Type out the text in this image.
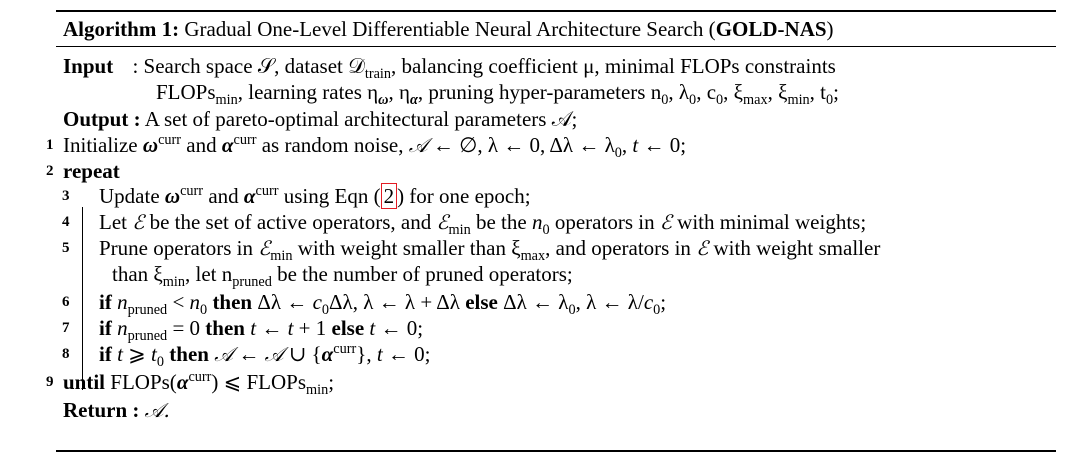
Algorithm 1: Gradual One-Level Differentiable Neural Architecture Search (GOLD-NAS)
Input : Search space 𝒮, dataset 𝒟$_{train}$, balancing coefficient μ, minimal FLOPs constraints
FLOPs$_{min}$, learning rates $\eta_\omega$, $\eta_\alpha$, pruning hyper-parameters $n_0$, $\lambda_0$, $c_0$, $\xi_{max}$, $\xi_{min}$, $t_0$;
Output : A set of pareto-optimal architectural parameters 𝒜;
1
2
3
4
5
6
7
8
9
Initialize $\omega^{curr}$ and $\alpha^{curr}$ as random noise, 𝒜 ← ∅, λ ← 0, Δλ ← $\lambda_0$, t ← 0;
repeat
Update $\omega^{curr}$ and $\alpha^{curr}$ using Eqn ( 2 ) for one epoch;
Let ℰ be the set of active operators, and ℰ$_{min}$ be the $n_0$ operators in ℰ with minimal weights;
Prune operators in ℰ$_{min}$ with weight smaller than $\xi_{max}$, and operators in ℰ with weight smaller
than $\xi_{min}$, let $n_{pruned}$ be the number of pruned operators;
if $n_{pruned} < n_0$ then Δλ ← $c_0\Delta\lambda$, λ ← λ + Δλ else Δλ ← $\lambda_0$, λ ← $\lambda/c_0$;
if $n_{pruned} = 0$ then t ← t + 1 else t ← 0;
if t ⩾ $t_0$ then 𝒜 ← 𝒜 ∪ $\{\alpha^{curr}\}$, t ← 0;
until $FLOPs(\alpha^{curr})$ ⩽ FLOPs$_{min}$;
Return : 𝒜.
